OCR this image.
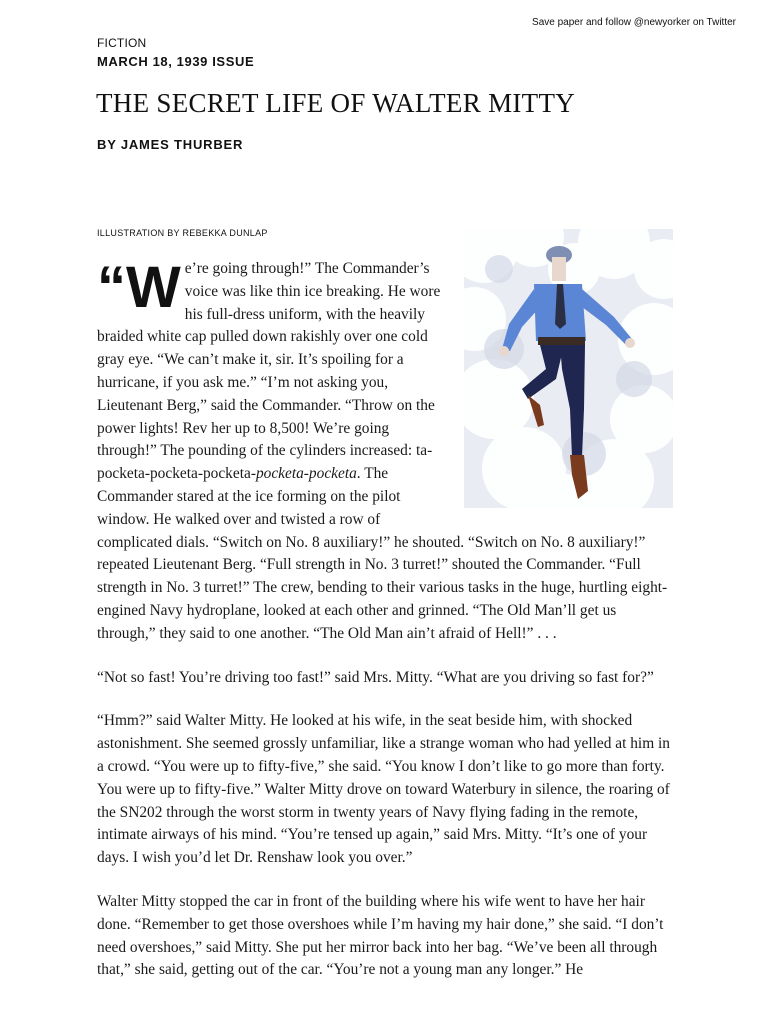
Save paper and follow @newyorker on Twitter
FICTION
MARCH 18, 1939 ISSUE
THE SECRET LIFE OF WALTER MITTY
BY JAMES THURBER
ILLUSTRATION BY REBEKKA DUNLAP

“We’re going through!” The Commander’s voice was like thin ice breaking. He wore his full-dress uniform, with the heavily braided white cap pulled down rakishly over one cold gray eye. “We can’t make it, sir. It’s spoiling for a hurricane, if you ask me.” “I’m not asking you, Lieutenant Berg,” said the Commander. “Throw on the power lights! Rev her up to 8,500! We’re going through!” The pounding of the cylinders increased: ta-pocketa-pocketa-pocketa-pocketa-pocketa. The Commander stared at the ice forming on the pilot window. He walked over and twisted a row of complicated dials. “Switch on No. 8 auxiliary!” he shouted. “Switch on No. 8 auxiliary!” repeated Lieutenant Berg. “Full strength in No. 3 turret!” shouted the Commander. “Full strength in No. 3 turret!” The crew, bending to their various tasks in the huge, hurtling eight-engined Navy hydroplane, looked at each other and grinned. “The Old Man’ll get us through,” they said to one another. “The Old Man ain’t afraid of Hell!” . . .

“Not so fast! You’re driving too fast!” said Mrs. Mitty. “What are you driving so fast for?”

“Hmm?” said Walter Mitty. He looked at his wife, in the seat beside him, with shocked astonishment. She seemed grossly unfamiliar, like a strange woman who had yelled at him in a crowd. “You were up to fifty-five,” she said. “You know I don’t like to go more than forty. You were up to fifty-five.” Walter Mitty drove on toward Waterbury in silence, the roaring of the SN202 through the worst storm in twenty years of Navy flying fading in the remote, intimate airways of his mind. “You’re tensed up again,” said Mrs. Mitty. “It’s one of your days. I wish you’d let Dr. Renshaw look you over.”

Walter Mitty stopped the car in front of the building where his wife went to have her hair done. “Remember to get those overshoes while I’m having my hair done,” she said. “I don’t need overshoes,” said Mitty. She put her mirror back into her bag. “We’ve been all through that,” she said, getting out of the car. “You’re not a young man any longer.” He
